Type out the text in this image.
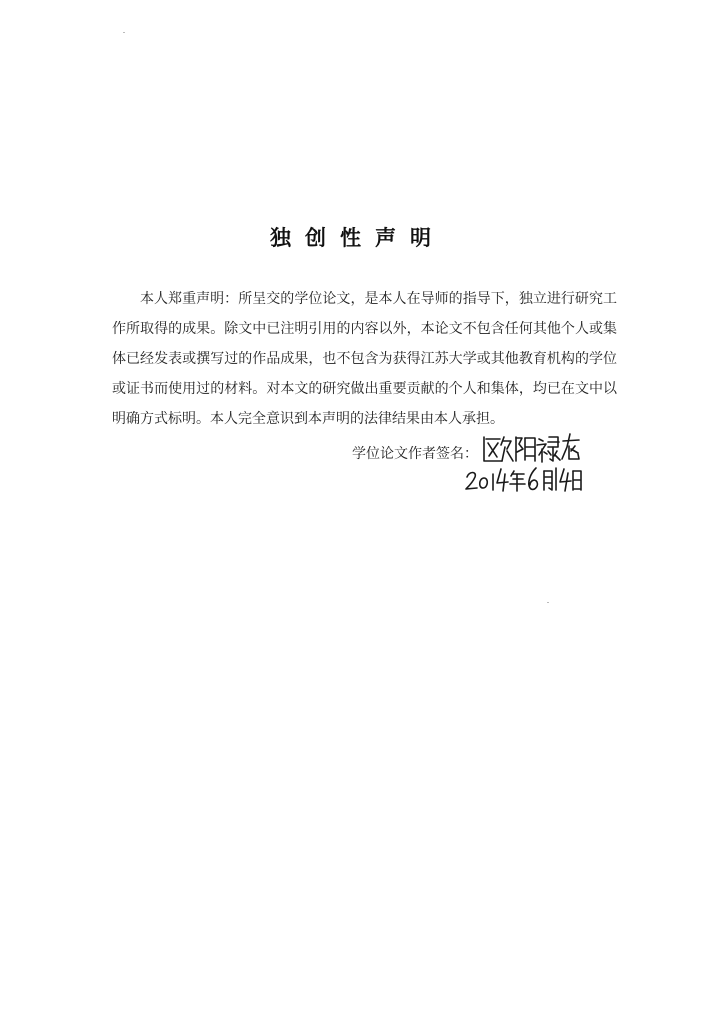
独创性声明

本人郑重声明：所呈交的学位论文，是本人在导师的指导下，独立进行研究工作所取得的成果。除文中已注明引用的内容以外，本论文不包含任何其他个人或集体已经发表或撰写过的作品成果，也不包含为获得江苏大学或其他教育机构的学位或证书而使用过的材料。对本文的研究做出重要贡献的个人和集体，均已在文中以明确方式标明。本人完全意识到本声明的法律结果由本人承担。

学位论文作者签名：
